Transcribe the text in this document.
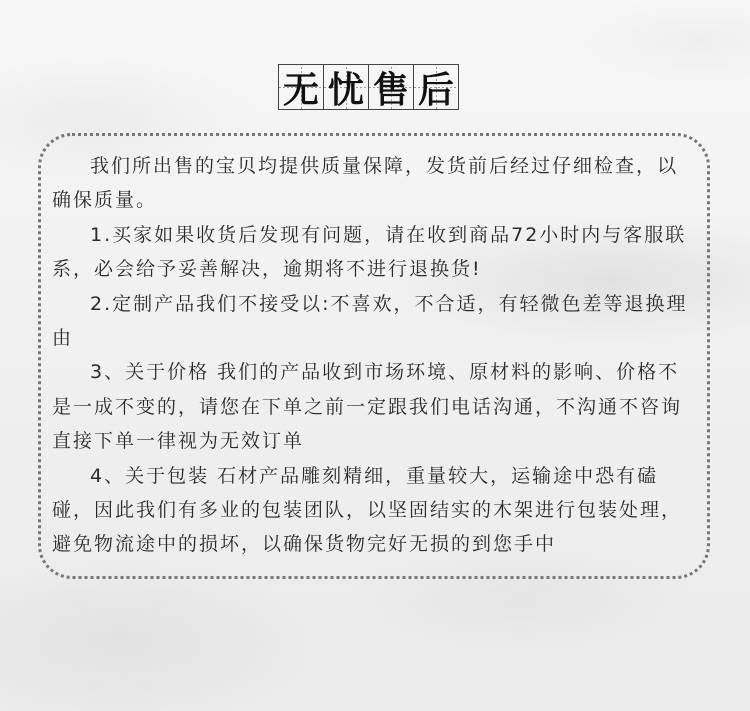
无 忧 售 后

我们所出售的宝贝均提供质量保障，发货前后经过仔细检查，以确保质量。

1.买家如果收货后发现有问题，请在收到商品72小时内与客服联系，必会给予妥善解决，逾期将不进行退换货!

2.定制产品我们不接受以:不喜欢，不合适，有轻微色差等退换理由

3、关于价格 我们的产品收到市场环境、原材料的影响、价格不是一成不变的，请您在下单之前一定跟我们电话沟通，不沟通不咨询直接下单一律视为无效订单

4、关于包装 石材产品雕刻精细，重量较大，运输途中恐有磕碰，因此我们有多业的包装团队，以坚固结实的木架进行包装处理，避免物流途中的损坏，以确保货物完好无损的到您手中
